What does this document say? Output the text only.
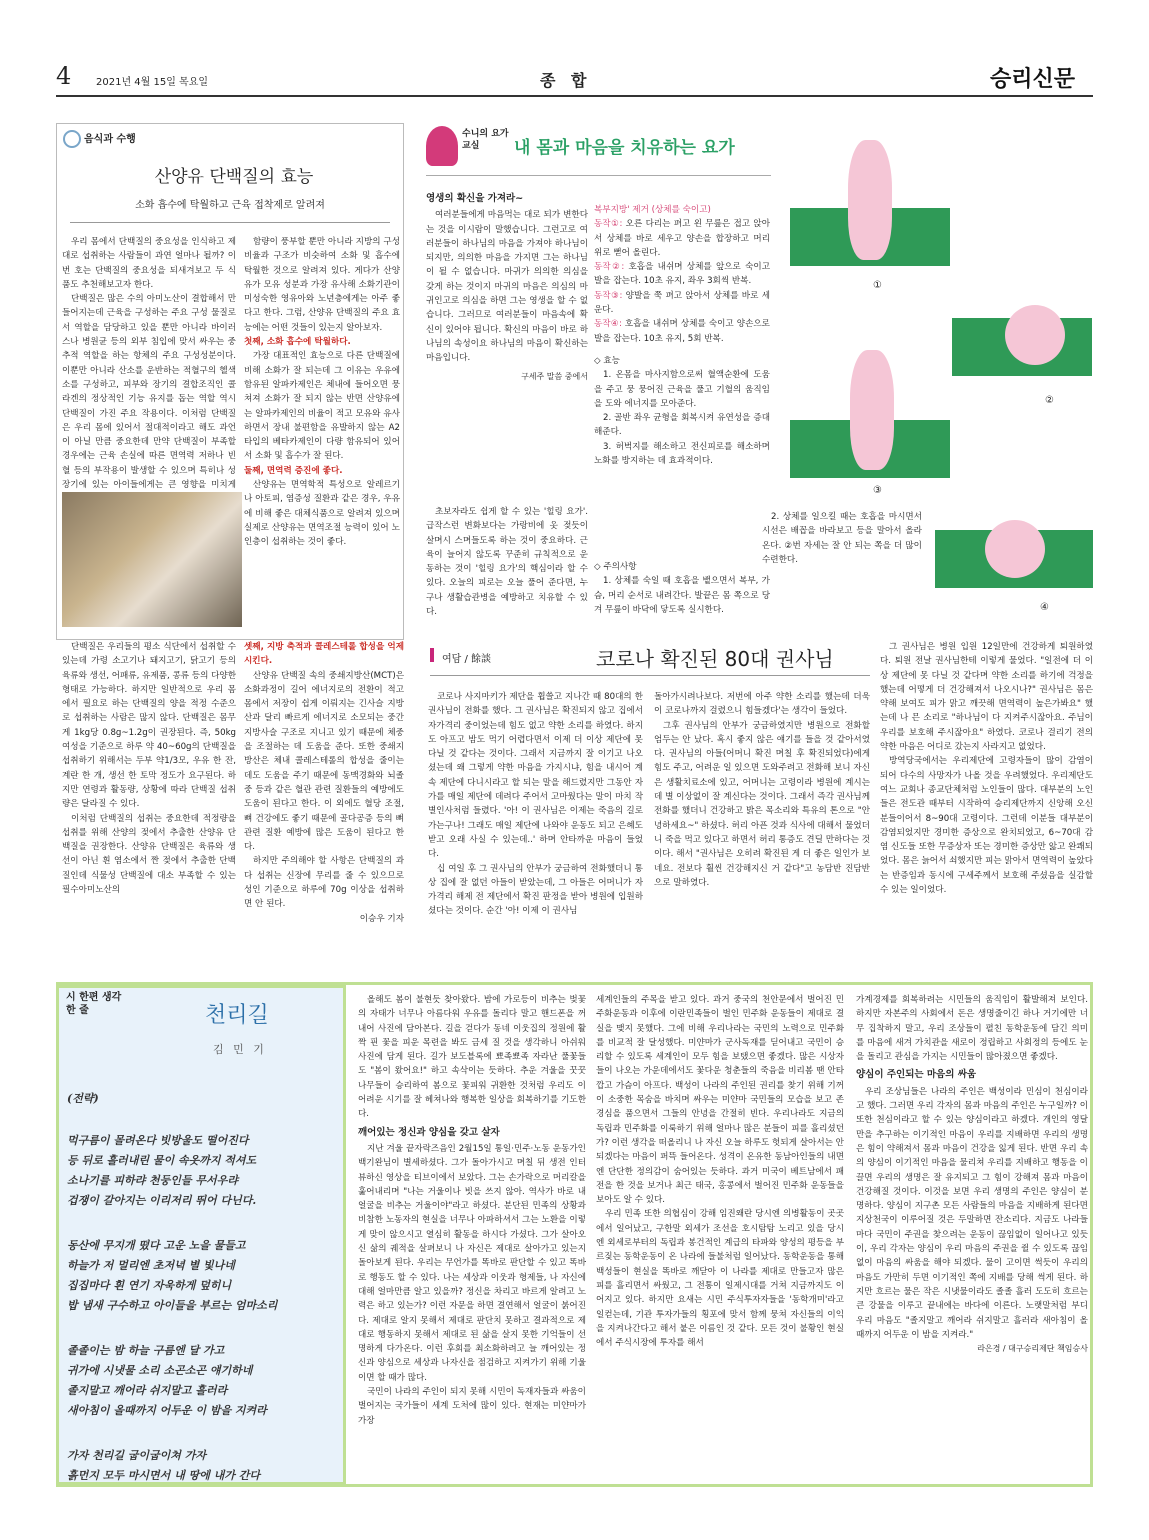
4 2021년 4월 15일 목요일	종 합	승리신문
음식과 수행
산양유 단백질의 효능
소화 흡수에 탁월하고 근육 접착제로 알려져

우리 몸에서 단백질의 중요성을 인식하고 제대로 섭취하는 사람들이 과연 얼마나 될까? 이번 호는 단백질의 중요성을 되새겨보고 두 식품도 추천해보고자 한다.

단백질은 많은 수의 아미노산이 결합해서 만들어지는데 근육을 구성하는 주요 구성 물질로서 역할을 담당하고 있을 뿐만 아니라 바이러스나 병원균 등의 외부 침입에 맞서 싸우는 중추적 역할을 하는 항체의 주요 구성성분이다. 이뿐만 아니라 산소를 운반하는 적혈구의 헬색소를 구성하고, 피부와 장기의 결합조직인 콜라겐의 정상적인 기능 유지를 돕는 역할 역시 단백질이 가진 주요 작용이다. 이처럼 단백질은 우리 몸에 있어서 절대적이라고 해도 과언이 아닐 만큼 중요한데 만약 단백질이 부족할 경우에는 근육 손실에 따른 면역력 저하나 빈혈 등의 부작용이 발생할 수 있으며 특히나 성장기에 있는 아이들에게는 큰 영향을 미치게

함량이 풍부할 뿐만 아니라 지방의 구성 비율과 구조가 비슷하여 소화 및 흡수에 탁월한 것으로 알려져 있다. 게다가 산양유가 모유 성분과 가장 유사해 소화기관이 미성숙한 영유아와 노년층에게는 아주 좋다고 한다. 그럼, 산양유 단백질의 주요 효능에는 어떤 것들이 있는지 알아보자.

첫째, 소화 흡수에 탁월하다.

가장 대표적인 효능으로 다른 단백질에 비해 소화가 잘 되는데 그 이유는 우유에 함유된 알파카제인은 체내에 들어오면 뭉쳐져 소화가 잘 되지 않는 반면 산양유에는 알파카제인의 비율이 적고 모유와 유사하면서 장내 불편함을 유발하지 않는 A2타입의 베타카제인이 다량 함유되어 있어서 소화 및 흡수가 잘 된다.

둘째, 면역력 증진에 좋다.

산양유는 면역학적 특성으로 알레르기나 아토피, 염증성 질환과 같은 경우, 우유에 비해 좋은 대체식품으로 알려져 있으며 실제로 산양유는 면역조절 능력이 있어 노인층이 섭취하는 것이 좋다.

단백질은 우리들의 평소 식단에서 섭취할 수 있는데 가령 소고기나 돼지고기, 닭고기 등의 육류와 생선, 어패류, 유제품, 콩류 등의 다양한 형태로 가능하다. 하지만 일반적으로 우리 몸에서 필요로 하는 단백질의 양을 적정 수준으로 섭취하는 사람은 많지 않다. 단백질은 몸무게 1kg당 0.8g~1.2g이 권장된다. 즉, 50kg여성을 기준으로 하루 약 40~60g의 단백질을 섭취하기 위해서는 두부 약1/3모, 우유 한 잔, 계란 한 개, 생선 한 토막 정도가 요구된다. 하지만 연령과 활동량, 상황에 따라 단백질 섭취량은 달라질 수 있다.

이처럼 단백질의 섭취는 중요한데 적정량을 섭취를 위해 산양의 젖에서 추출한 산양유 단백질을 권장한다. 산양유 단백질은 육류와 생선이 아닌 흰 염소에서 짠 젖에서 추출한 단백질인데 식물성 단백질에 대소 부족할 수 있는 필수아미노산의

셋째, 지방 축적과 콜레스테롤 합성을 억제시킨다.

산양유 단백질 속의 중쇄지방산(MCT)은 소화과정이 길어 에너지로의 전환이 적고 몸에서 저장이 쉽게 이뤄지는 긴사슬 지방산과 달리 빠르게 에너지로 소모되는 중간 지방사슬 구조로 지니고 있기 때문에 체중을 조절하는 데 도움을 준다. 또한 중쇄지방산은 체내 콜레스테롤의 합성을 줄이는 데도 도움을 주기 때문에 동맥경화와 뇌졸중 등과 같은 혈관 관련 질환들의 예방에도 도움이 된다고 한다. 이 외에도 혈당 조절, 뼈 건강에도 좋기 때문에 골다공증 등의 뼈 관련 질환 예방에 많은 도움이 된다고 한다.

하지만 주의해야 할 사항은 단백질의 과다 섭취는 신장에 무리를 줄 수 있으므로 성인 기준으로 하루에 70g 이상을 섭취하면 안 된다.

이승우 기자

수니의 요가교실	내 몸과 마음을 치유하는 요가

영생의 확신을 가져라~

여러분들에게 마음먹는 대로 되가 변한다는 것을 이시람이 말했습니다. 그런고로 여러분들이 하나님의 마음을 가져야 하나님이 되지만, 의의한 마음을 가지면 그는 하나님이 될 수 없습니다. 마귀가 의의한 의심을 갖게 하는 것이지 마귀의 마음은 의심의 마귀인고로 의심을 하면 그는 영생을 할 수 없습니다. 그러므로 여러분들이 마음속에 확신이 있어야 됩니다. 확신의 마음이 바로 하나님의 속성이요 하나님의 마음이 확신하는 마음입니다.

구세주 말씀 중에서

초보자라도 쉽게 할 수 있는 '힐링 요가'. 급작스런 변화보다는 가랑비에 옷 젖듯이 살며시 스며들도록 하는 것이 중요하다. 근육이 늘어지 않도록 꾸준히 규칙적으로 운동하는 것이 '힐링 요가'의 핵심이라 할 수 있다. 오늘의 피로는 오늘 풀어 준다면, 누구나 생활습관병을 예방하고 치유할 수 있다.

복부지방' 제거 (상체를 숙이고)

동작①: 오른 다리는 펴고 왼 무릎은 접고 앉아서 상체를 바로 세우고 양손을 합장하고 머리 위로 뻗어 올린다.

동작②: 호흡을 내쉬며 상체를 앞으로 숙이고 발을 잡는다. 10초 유지, 좌우 3회씩 반복.

동작③: 양발을 쭉 펴고 앉아서 상체를 바로 세운다.

동작④: 호흡을 내쉬며 상체를 숙이고 양손으로 발을 잡는다. 10초 유지, 5회 반복.

◇ 효능

1. 온몸을 마사지함으로써 혈액순환에 도움을 주고 뭉 뭉어진 근육을 풀고 기혈의 움직임을 도와 에너지를 모아준다.

2. 골반 좌우 균형을 회복시켜 유연성을 증대해준다.

3. 허벅지를 해소하고 전신피로를 해소하며 노화를 방지하는 데 효과적이다.

◇ 주의사항

1. 상체를 숙일 때 호흡을 뱉으면서 복부, 가슴, 머리 순서로 내려간다. 발끝은 몸 쪽으로 당겨 무릎이 바닥에 닿도록 실시한다.

2. 상체를 일으킬 때는 호흡을 마시면서 시선은 배꼽을 바라보고 등을 말아서 올라온다. ②번 자세는 잘 안 되는 쪽을 더 많이 수련한다.

①
②
③
④
여담 / 餘談	코로나 확진된 80대 권사님

코로나 사지마키가 제단을 휩쓸고 지나간 때 80대의 한 권사님이 전화를 했다. 그 권사님은 확진되지 않고 집에서 자가격리 중이었는데 힘도 없고 약한 소리를 하였다. 하지도 아프고 밤도 먹기 어렵다면서 이제 더 이상 제단에 못 다닐 것 같다는 것이다. 그래서 지금까지 잘 이기고 나오셨는데 왜 그렇게 약한 마음을 가지시냐, 힘을 내시어 계속 제단에 다니시라고 할 되는 말을 해드렸지만 그동안 자가를 매일 제단에 데려다 주어서 고마웠다는 말이 마치 작별인사처럼 들렸다. '아! 이 권사님은 이제는 죽음의 길로 가는구나! 그래도 매일 제단에 나와야 운동도 되고 은혜도 받고 오래 사실 수 있는데..' 하며 안타까운 마음이 들었다.

십 여일 후 그 권사님의 안부가 궁금하여 전화했더니 통상 집에 잘 없던 아들이 받았는데, 그 아들은 어머니가 자가격리 해제 전 제단에서 확진 판정을 받아 병원에 입원하셨다는 것이다. 순간 '아! 이제 이 권사님

돌아가시려나보다. 저번에 아주 약한 소리를 했는데 더욱이 코로나까지 걸렸으니 힘들겠다'는 생각이 들었다.

그후 권사님의 안부가 궁금하였지만 병원으로 전화할 엄두는 안 났다. 혹시 좋지 않은 얘기를 들을 것 같아서였다. 권사님의 아들(어머니 확진 며칠 후 확진되었다)에게 힘도 주고, 어려운 일 있으면 도와주려고 전화해 보니 자신은 생활치료소에 있고, 어머니는 고령이라 병원에 계시는데 별 이상없이 잘 계신다는 것이다. 그래서 즉각 권사님께 전화를 했더니 건강하고 밝은 목소리와 특유의 톤으로 "안녕하세요~" 하셨다. 허리 아픈 것과 식사에 대해서 물었더니 죽을 먹고 있다고 하면서 허리 통증도 견딜 만하다는 것이다. 해서 "권사님은 오히려 확진된 게 더 좋은 일인가 보네요. 전보다 훨씬 건강해지신 거 같다"고 농담반 진담반으로 말하였다.

그 권사님은 병원 입원 12일만에 건강하게 퇴원하였다. 퇴원 전날 권사님한테 이렇게 물었다. "일전에 더 이상 제단에 못 다닐 것 같다며 약한 소리를 하기에 걱정을 했는데 어떻게 더 건강해져서 나오시나?" 권사님은 몸은 약해 보여도 피가 맑고 깨끗해 면역력이 높은가봐요" 했는데 나 믄 소리로 "하나님이 다 지켜주시잖아요. 주님이 우리를 보호해 주시잖아요" 하였다. 코로나 걸리기 전의 약한 마음은 어디로 갔는지 사라지고 없었다.

방역당국에서는 우리제단에 고령자들이 많이 감염이 되어 다수의 사망자가 나올 것을 우려했었다. 우리제단도 여느 교회나 종교단체처럼 노인들이 많다. 대부분의 노인들은 전도관 때부터 시작하여 승리제단까지 신앙해 오신 분들이어서 8~90대 고령이다. 그런데 이분들 대부분이 감염되었지만 경미한 증상으로 완치되었고, 6~70대 감염 신도들 또한 무증상자 또는 경미한 증상만 앓고 완쾌되었다. 몸은 늙어서 쇠했지만 피는 맑아서 면역력이 높았다는 반증임과 동시에 구세주께서 보호해 주셨음을 실감할 수 있는 일이었다.

시 한편 생각 한 줄	천리길
김 민 기
(전략)
먹구름이 몰려온다 빗방울도 떨어진다
등 뒤로 흘러내린 물이 속옷까지 적셔도
소나기를 피하랴 천둥인들 무서우랴
겁쟁이 갈아지는 이리저리 뛰어 다닌다.
동산에 무지개 떴다 고운 노을 물들고
하늘가 저 멀리엔 초저녁 별 빛나네
집집마다 흰 연기 자욱하게 덮히니
밥 냄새 구수하고 아이들을 부르는 엄마소리
졸졸이는 밤 하늘 구름엔 달 가고
귀가에 시냇물 소리 소곤소곤 얘기하네
졸지말고 깨어라 쉬지말고 흘러라
새아침이 올때까지 어두운 이 밤을 지켜라
가자 천리길 굽이굽이쳐 가자
흙먼지 모두 마시면서 내 땅에 내가 간다

올해도 봄이 불현듯 찾아왔다. 밤에 가로등이 비추는 벚꽃의 자태가 너무나 아름다워 우유를 돌리다 말고 핸드폰을 꺼내어 사진에 담아본다. 길을 걷다가 동네 이웃집의 정원에 활짝 핀 꽃을 피운 목련을 봐도 금세 질 것을 생각하니 아쉬워 사진에 담게 된다. 길가 보도블록에 뾰족뾰족 자라난 풀꽃들도 "봄이 왔어요!" 하고 속삭이는 듯하다. 추운 겨울을 꿋꿋 나무들이 승리하여 봄으로 꽃피워 귀환한 것처럼 우리도 이 어려운 시기를 잘 헤쳐나와 행복한 일상을 회복하기를 기도한다.

깨어있는 정신과 양심을 갖고 살자

지난 겨울 끝자락즈음인 2월15일 통일·민주·노동 운동가인 백기완님이 별세하셨다. 그가 돌아가시고 며칠 뒤 생전 인터뷰하신 영상을 티브이에서 보았다. 그는 손가락으로 머리칼을 훑어내리며 "나는 거울이나 빗을 쓰지 않아. 역사가 바로 내 얼굴을 비추는 거울이야"라고 하셨다. 분단된 민족의 상황과 비참한 노동자의 현실을 너무나 아파하셔서 그는 노환을 이렇게 맞이 않으시고 열심히 활동을 하시다 가셨다. 그가 살아오신 삶의 궤적을 살펴보니 나 자신은 제대로 살아가고 있는지 돌아보게 된다. 우리는 무언가를 똑바로 판단할 수 있고 똑바로 행동도 할 수 있다. 나는 세상과 이웃과 형제들, 나 자신에 대해 얼마만큼 알고 있을까? 정신을 차리고 바르게 알려고 노력은 하고 있는가? 이런 자문을 하면 결연해서 얼굴이 붉어진다. 제대로 알지 못해서 제대로 판단치 못하고 결과적으로 제대로 행동하지 못해서 제대로 된 삶을 살지 못한 기억들이 선명하게 다가온다. 이런 후회를 최소화하려고 늘 깨어있는 정신과 양심으로 세상과 나자신을 점검하고 지켜가기 위해 기울이면 할 때가 많다.

국민이 나라의 주인이 되지 못해 시민이 독재자들과 싸움이 벌어지는 국가들이 세계 도처에 많이 있다. 현재는 미얀마가 가장

세계인들의 주목을 받고 있다. 과거 중국의 천안문에서 벌어진 민주화운동과 이후에 이란민족들이 벌인 민주화 운동들이 제대로 결실을 맺지 못했다. 그에 비해 우리나라는 국민의 노력으로 민주화를 비교적 잘 달성했다. 미얀마가 군사독재를 딛어내고 국민이 승리할 수 있도록 세계인이 모두 힘을 보탰으면 좋겠다. 많은 시상자들이 나오는 가운데에서도 꽃다운 청춘들의 죽음을 비리봄 땐 안타깝고 가슴이 아프다. 백성이 나라의 주인된 권리를 찾기 위해 기꺼이 소중한 목숨을 바치며 싸우는 미얀마 국민들의 모습을 보고 존경심을 품으면서 그들의 안녕을 간절히 빈다. 우리나라도 지금의 독립과 민주화를 이룩하기 위해 얼마나 많은 분들이 피를 흘리셨던가? 이런 생각을 떠올리니 나 자신 오늘 하루도 헛되게 살아서는 안 되겠다는 마음이 퍼뜩 들어온다. 성격이 온유한 동남아인들의 내면엔 단단한 정의감이 숨어있는 듯하다. 과거 미국이 베트남에서 패전을 한 것을 보거나 최근 태국, 홍콩에서 벌어진 민주화 운동들을 보아도 알 수 있다.

우리 민족 또한 의협심이 강해 임진왜란 당시엔 의병활동이 곳곳에서 일어났고, 구한말 외세가 조선을 호시탐탐 노리고 있을 당시엔 외세로부터의 독립과 봉건적인 계급의 타파와 양성의 평등을 부르짖는 동학운동이 온 나라에 들불처럼 일어났다. 동학운동을 통해 백성들이 현실을 똑바로 깨닫아 이 나라를 제대로 만들고자 많은 피를 흘리면서 싸웠고, 그 전통이 일제시대를 거쳐 지금까지도 이어지고 있다. 하지만 요새는 시민 주식투자자들을 '동학개미'라고 일컫는데, 기관 투자가들의 횡포에 맞서 함께 뭉쳐 자신들의 이익을 지켜나간다고 해서 붙은 이름인 것 같다. 모든 것이 불황인 현실에서 주식시장에 투자를 해서

가계경제를 회복하려는 시민들의 움직임이 활발해져 보인다. 하지만 자본주의 사회에서 돈은 생명줄이긴 하나 거기에만 너무 집착하지 말고, 우리 조상들이 펼친 동학운동에 담긴 의미를 마음에 새겨 가치관을 새로이 정립하고 사회정의 등에도 눈을 돌리고 관심을 가지는 시민들이 많아졌으면 좋겠다.

양심이 주인되는 마음의 싸움

우리 조상님들은 나라의 주인은 백성이라 민심이 천심이라고 했다. 그러면 우리 각자의 몸과 마음의 주인은 누구일까? 이 또한 천심이라고 할 수 있는 양심이라고 하겠다. 개인의 영달만을 추구하는 이기적인 마음이 우리를 지배하면 우리의 생명은 힘이 약해져서 몸과 마음이 건강을 잃게 된다. 반면 우리 속의 양심이 이기적인 마음을 물리쳐 우리를 지배하고 행동을 이끌면 우리의 생명은 잘 유지되고 그 힘이 강해져 몸과 마음이 건강해질 것이다. 이것을 보면 우리 생명의 주인은 양심이 분명하다. 양심이 지구촌 모든 사람들의 마음을 지배하게 된다면 지상천국이 이루어질 것은 두말하면 잔소리다. 지금도 나라들마다 국민이 주권을 찾으려는 운동이 끊임없이 일어나고 있듯이, 우리 각자는 양심이 우리 마음의 주권을 쥘 수 있도록 끊임없이 마음의 싸움을 해야 되겠다. 물이 고이면 썩듯이 우리의 마음도 가만히 두면 이기적인 쪽에 지배를 당해 썩게 된다. 하지만 흐르는 물은 작은 시냇물이라도 졸졸 흘러 도도히 흐르는 큰 강물을 이루고 끝내에는 바다에 이른다. 노랫말처럼 부디 우리 마음도 "졸지말고 깨어라 쉬지말고 흘러라 새아침이 올 때까지 어두운 이 밤을 지켜라."

라은경 / 대구승리제단 책임승사
